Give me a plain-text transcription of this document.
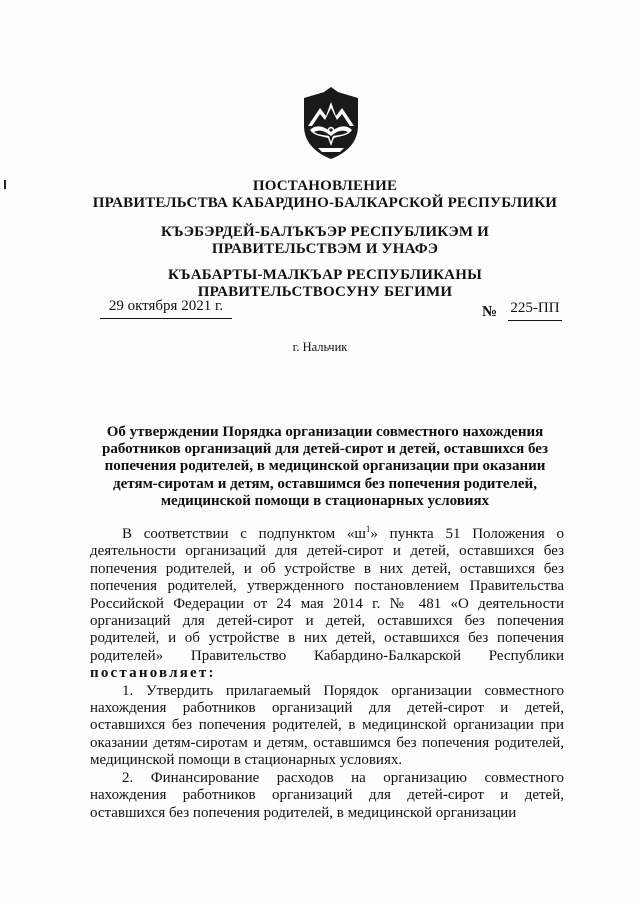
ПОСТАНОВЛЕНИЕ
ПРАВИТЕЛЬСТВА КАБАРДИНО-БАЛКАРСКОЙ РЕСПУБЛИКИ
КЪЭБЭРДЕЙ-БАЛЪКЪЭР РЕСПУБЛИКЭМ И ПРАВИТЕЛЬСТВЭМ И УНАФЭ
КЪАБАРТЫ-МАЛКЪАР РЕСПУБЛИКАНЫ ПРАВИТЕЛЬСТВОСУНУ БЕГИМИ
29 октября 2021 г.	№ 225-ПП
г. Нальчик
Об утверждении Порядка организации совместного нахождения работников организаций для детей-сирот и детей, оставшихся без попечения родителей, в медицинской организации при оказании детям-сиротам и детям, оставшимся без попечения родителей, медицинской помощи в стационарных условиях

В соответствии с подпунктом «$ш^1$» пункта 51 Положения о деятельности организаций для детей-сирот и детей, оставшихся без попечения родителей, и об устройстве в них детей, оставшихся без попечения родителей, утвержденного постановлением Правительства Российской Федерации от 24 мая 2014 г. № 481 «О деятельности организаций для детей-сирот и детей, оставшихся без попечения родителей, и об устройстве в них детей, оставшихся без попечения родителей» Правительство Кабардино-Балкарской Республики постановляет:

1. Утвердить прилагаемый Порядок организации совместного нахождения работников организаций для детей-сирот и детей, оставшихся без попечения родителей, в медицинской организации при оказании детям-сиротам и детям, оставшимся без попечения родителей, медицинской помощи в стационарных условиях.

2. Финансирование расходов на организацию совместного нахождения работников организаций для детей-сирот и детей, оставшихся без попечения родителей, в медицинской организации
